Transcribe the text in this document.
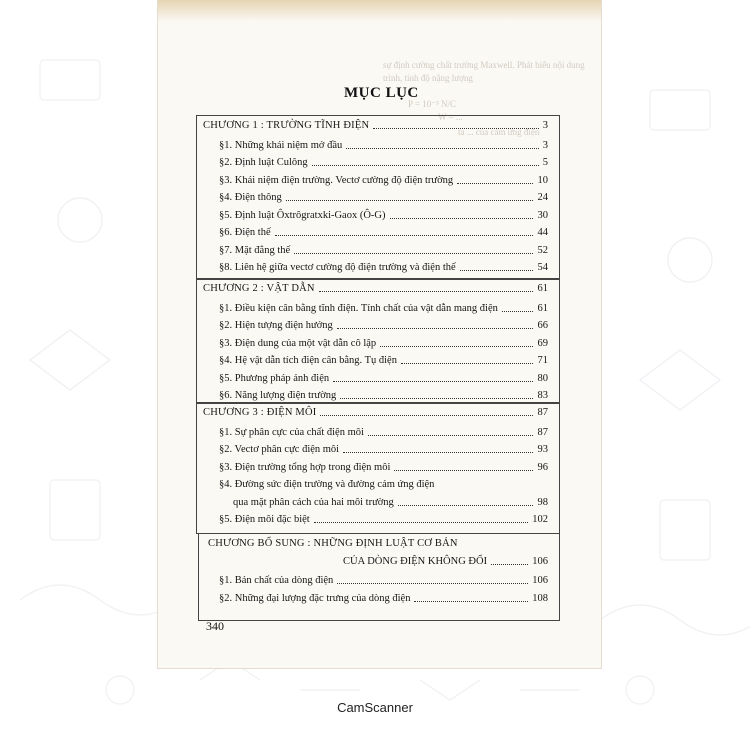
sự định cường chất trường Maxwell. Phát biểu nội dung
trình, tính độ nặng lượng
P = 10⁻³ N/C
W = ...
ta ... của cảm ứng điện
MỤC LỤC
CHƯƠNG 1 : TRƯỜNG TĨNH ĐIỆN	3
§1. Những khái niệm mở đầu	3
§2. Định luật Culông	5
§3. Khái niệm điện trường. Vectơ cường độ điện trường	10
§4. Điện thông	24
§5. Định luật Ôxtrôgratxki-Gaox (Ô-G)	30
§6. Điện thế	44
§7. Mặt đẳng thế	52
§8. Liên hệ giữa vectơ cường độ điện trường và điện thế	54
CHƯƠNG 2 : VẬT DẪN	61
§1. Điều kiện cân bằng tĩnh điện. Tính chất của vật dẫn mang điện	61
§2. Hiện tượng điện hưởng	66
§3. Điện dung của một vật dẫn cô lập	69
§4. Hệ vật dẫn tích điện cân bằng. Tụ điện	71
§5. Phương pháp ảnh điện	80
§6. Năng lượng điện trường	83
CHƯƠNG 3 : ĐIỆN MÔI	87
§1. Sự phân cực của chất điện môi	87
§2. Vectơ phân cực điện môi	93
§3. Điện trường tổng hợp trong điện môi	96
§4. Đường sức điện trường và đường cảm ứng điện
qua mặt phân cách của hai môi trường	98
§5. Điện môi đặc biệt	102
CHƯƠNG BỔ SUNG : NHỮNG ĐỊNH LUẬT CƠ BẢN
CỦA DÒNG ĐIỆN KHÔNG ĐỔI	106
§1. Bản chất của dòng điện	106
§2. Những đại lượng đặc trưng của dòng điện	108
340
CamScanner
